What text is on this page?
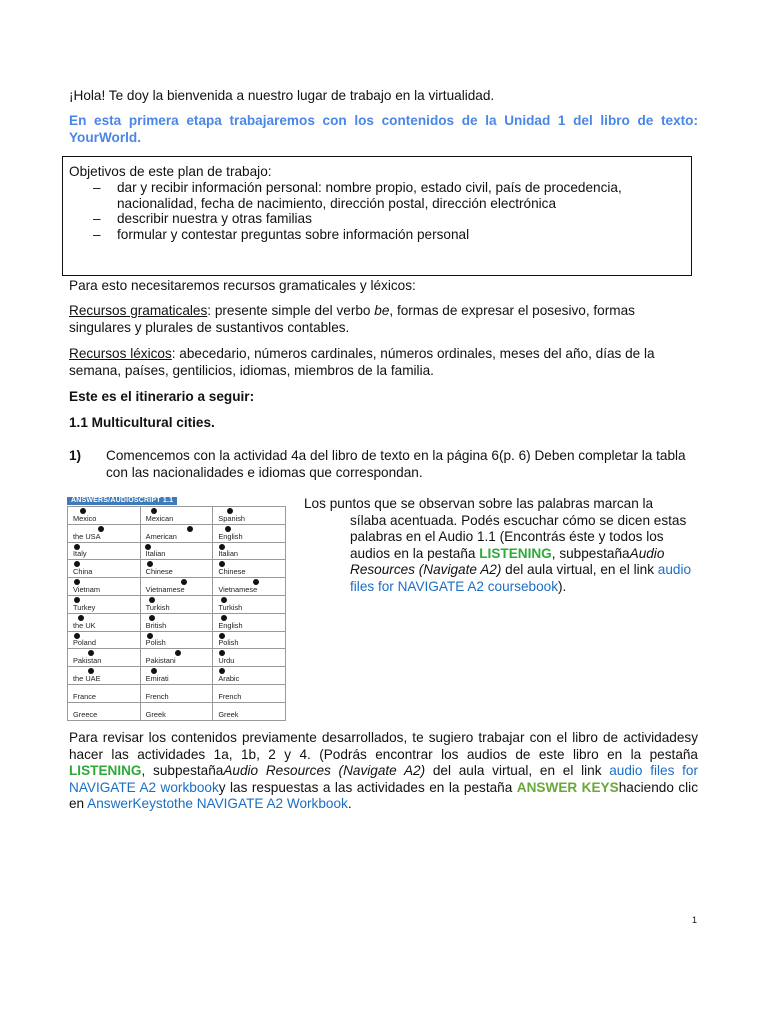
¡Hola! Te doy la bienvenida a nuestro lugar de trabajo en la virtualidad.
En esta primera etapa trabajaremos con los contenidos de la Unidad 1 del libro de texto: YourWorld.
Objetivos de este plan de trabajo:
– dar y recibir información personal: nombre propio, estado civil, país de procedencia, nacionalidad, fecha de nacimiento, dirección postal, dirección electrónica
– describir nuestra y otras familias
– formular y contestar preguntas sobre información personal
Para esto necesitaremos recursos gramaticales y léxicos:
Recursos gramaticales: presente simple del verbo be, formas de expresar el posesivo, formas singulares y plurales de sustantivos contables.
Recursos léxicos: abecedario, números cardinales, números ordinales, meses del año, días de la semana, países, gentilicios, idiomas, miembros de la familia.
Este es el itinerario a seguir:
1.1 Multicultural cities.
1) Comencemos con la actividad 4a del libro de texto en la página 6(p. 6) Deben completar la tabla con las nacionalidades e idiomas que correspondan.
ANSWERS/AUDIOSCRIPT 1.1
Mexico	Mexican	Spanish

the USA	American	English

Italy	Italian	Italian

China	Chinese	Chinese

Vietnam	Vietnamese	Vietnamese

Turkey	Turkish	Turkish

the UK	British	English

Poland	Polish	Polish

Pakistan	Pakistani	Urdu

the UAE	Emirati	Arabic

France	French	French

Greece	Greek	Greek
Los puntos que se observan sobre las palabras marcan la
sílaba acentuada. Podés escuchar cómo se dicen estas palabras en el Audio 1.1 (Encontrás éste y todos los audios en la pestaña LISTENING, subpestañaAudio Resources (Navigate A2) del aula virtual, en el link audio files for NAVIGATE A2 coursebook).
Para revisar los contenidos previamente desarrollados, te sugiero trabajar con el libro de actividadesy hacer las actividades 1a, 1b, 2 y 4. (Podrás encontrar los audios de este libro en la pestaña LISTENING, subpestañaAudio Resources (Navigate A2) del aula virtual, en el link audio files for NAVIGATE A2 workbooky las respuestas a las actividades en la pestaña ANSWER KEYShaciendo clic en AnswerKeystothe NAVIGATE A2 Workbook.
1
